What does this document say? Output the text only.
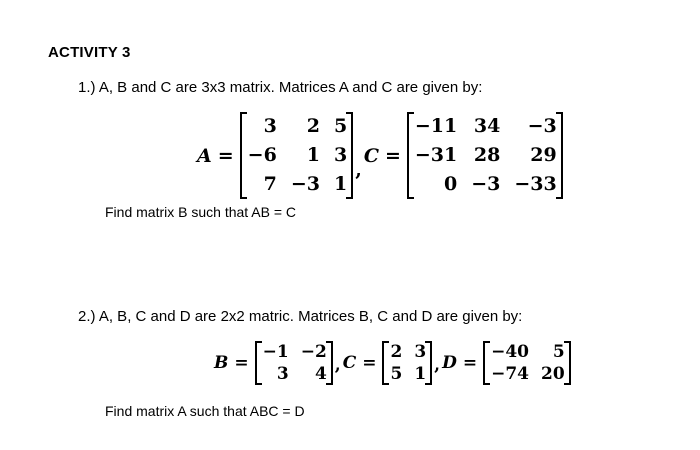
ACTIVITY 3
1.) A, B and C are 3x3 matrix. Matrices A and C are given by:
A =
3	2 5
−6	1 3
7 −3 1
,
C =
−11 34	−3
−31 28	29
0 −3 −33
Find matrix B such that AB = C
2.) A, B, C and D are 2x2 matric. Matrices B, C and D are given by:
B =
−1 −2
3	4 , C =
2 3
5 1 , D =
−40	5
−74 20
Find matrix A such that ABC = D
